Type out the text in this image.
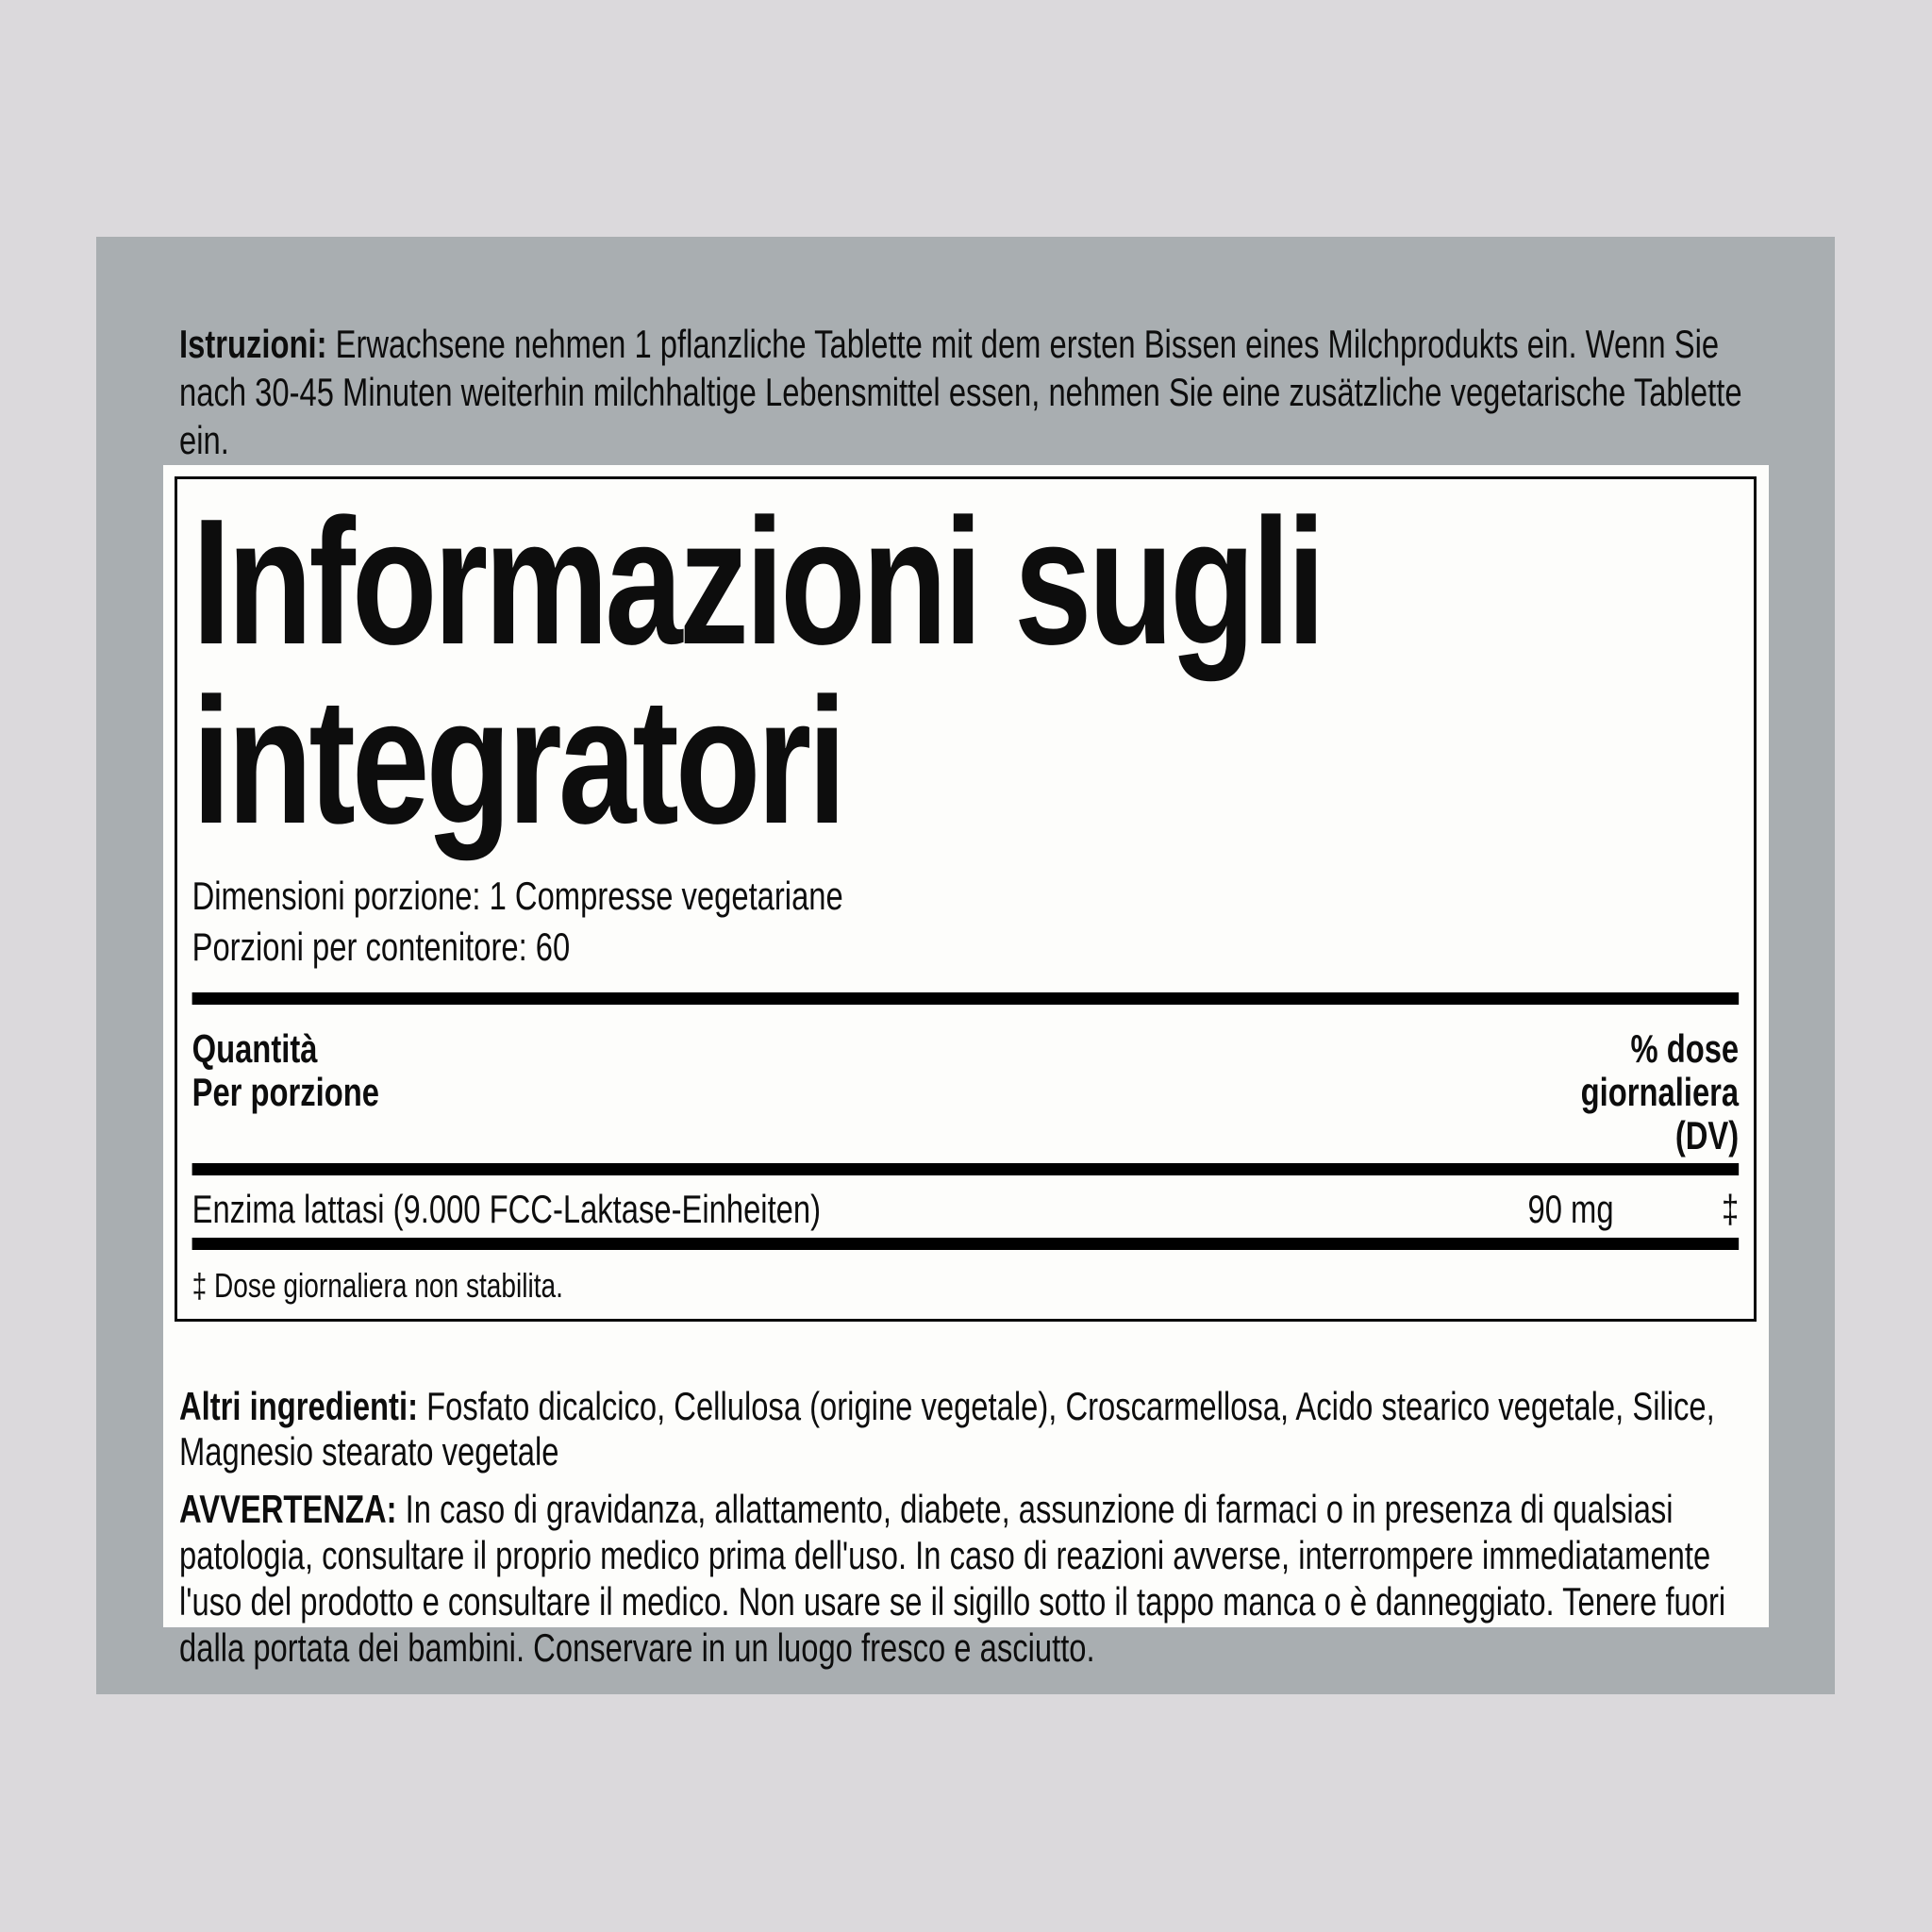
Istruzioni: Erwachsene nehmen 1 pflanzliche Tablette mit dem ersten Bissen eines Milchprodukts ein. Wenn Sie nach 30-45 Minuten weiterhin milchhaltige Lebensmittel essen, nehmen Sie eine zusätzliche vegetarische Tablette ein.

Informazioni sugli
integratori
Dimensioni porzione: 1 Compresse vegetariane
Porzioni per contenitore: 60
Quantità
Per porzione
% dose
giornaliera
(DV)
Enzima lattasi (9.000 FCC-Laktase-Einheiten)	90 mg	‡
‡ Dose giornaliera non stabilita.

Altri ingredienti: Fosfato dicalcico, Cellulosa (origine vegetale), Croscarmellosa, Acido stearico vegetale, Silice, Magnesio stearato vegetale

AVVERTENZA: In caso di gravidanza, allattamento, diabete, assunzione di farmaci o in presenza di qualsiasi patologia, consultare il proprio medico prima dell'uso. In caso di reazioni avverse, interrompere immediatamente l'uso del prodotto e consultare il medico. Non usare se il sigillo sotto il tappo manca o è danneggiato. Tenere fuori dalla portata dei bambini. Conservare in un luogo fresco e asciutto.
